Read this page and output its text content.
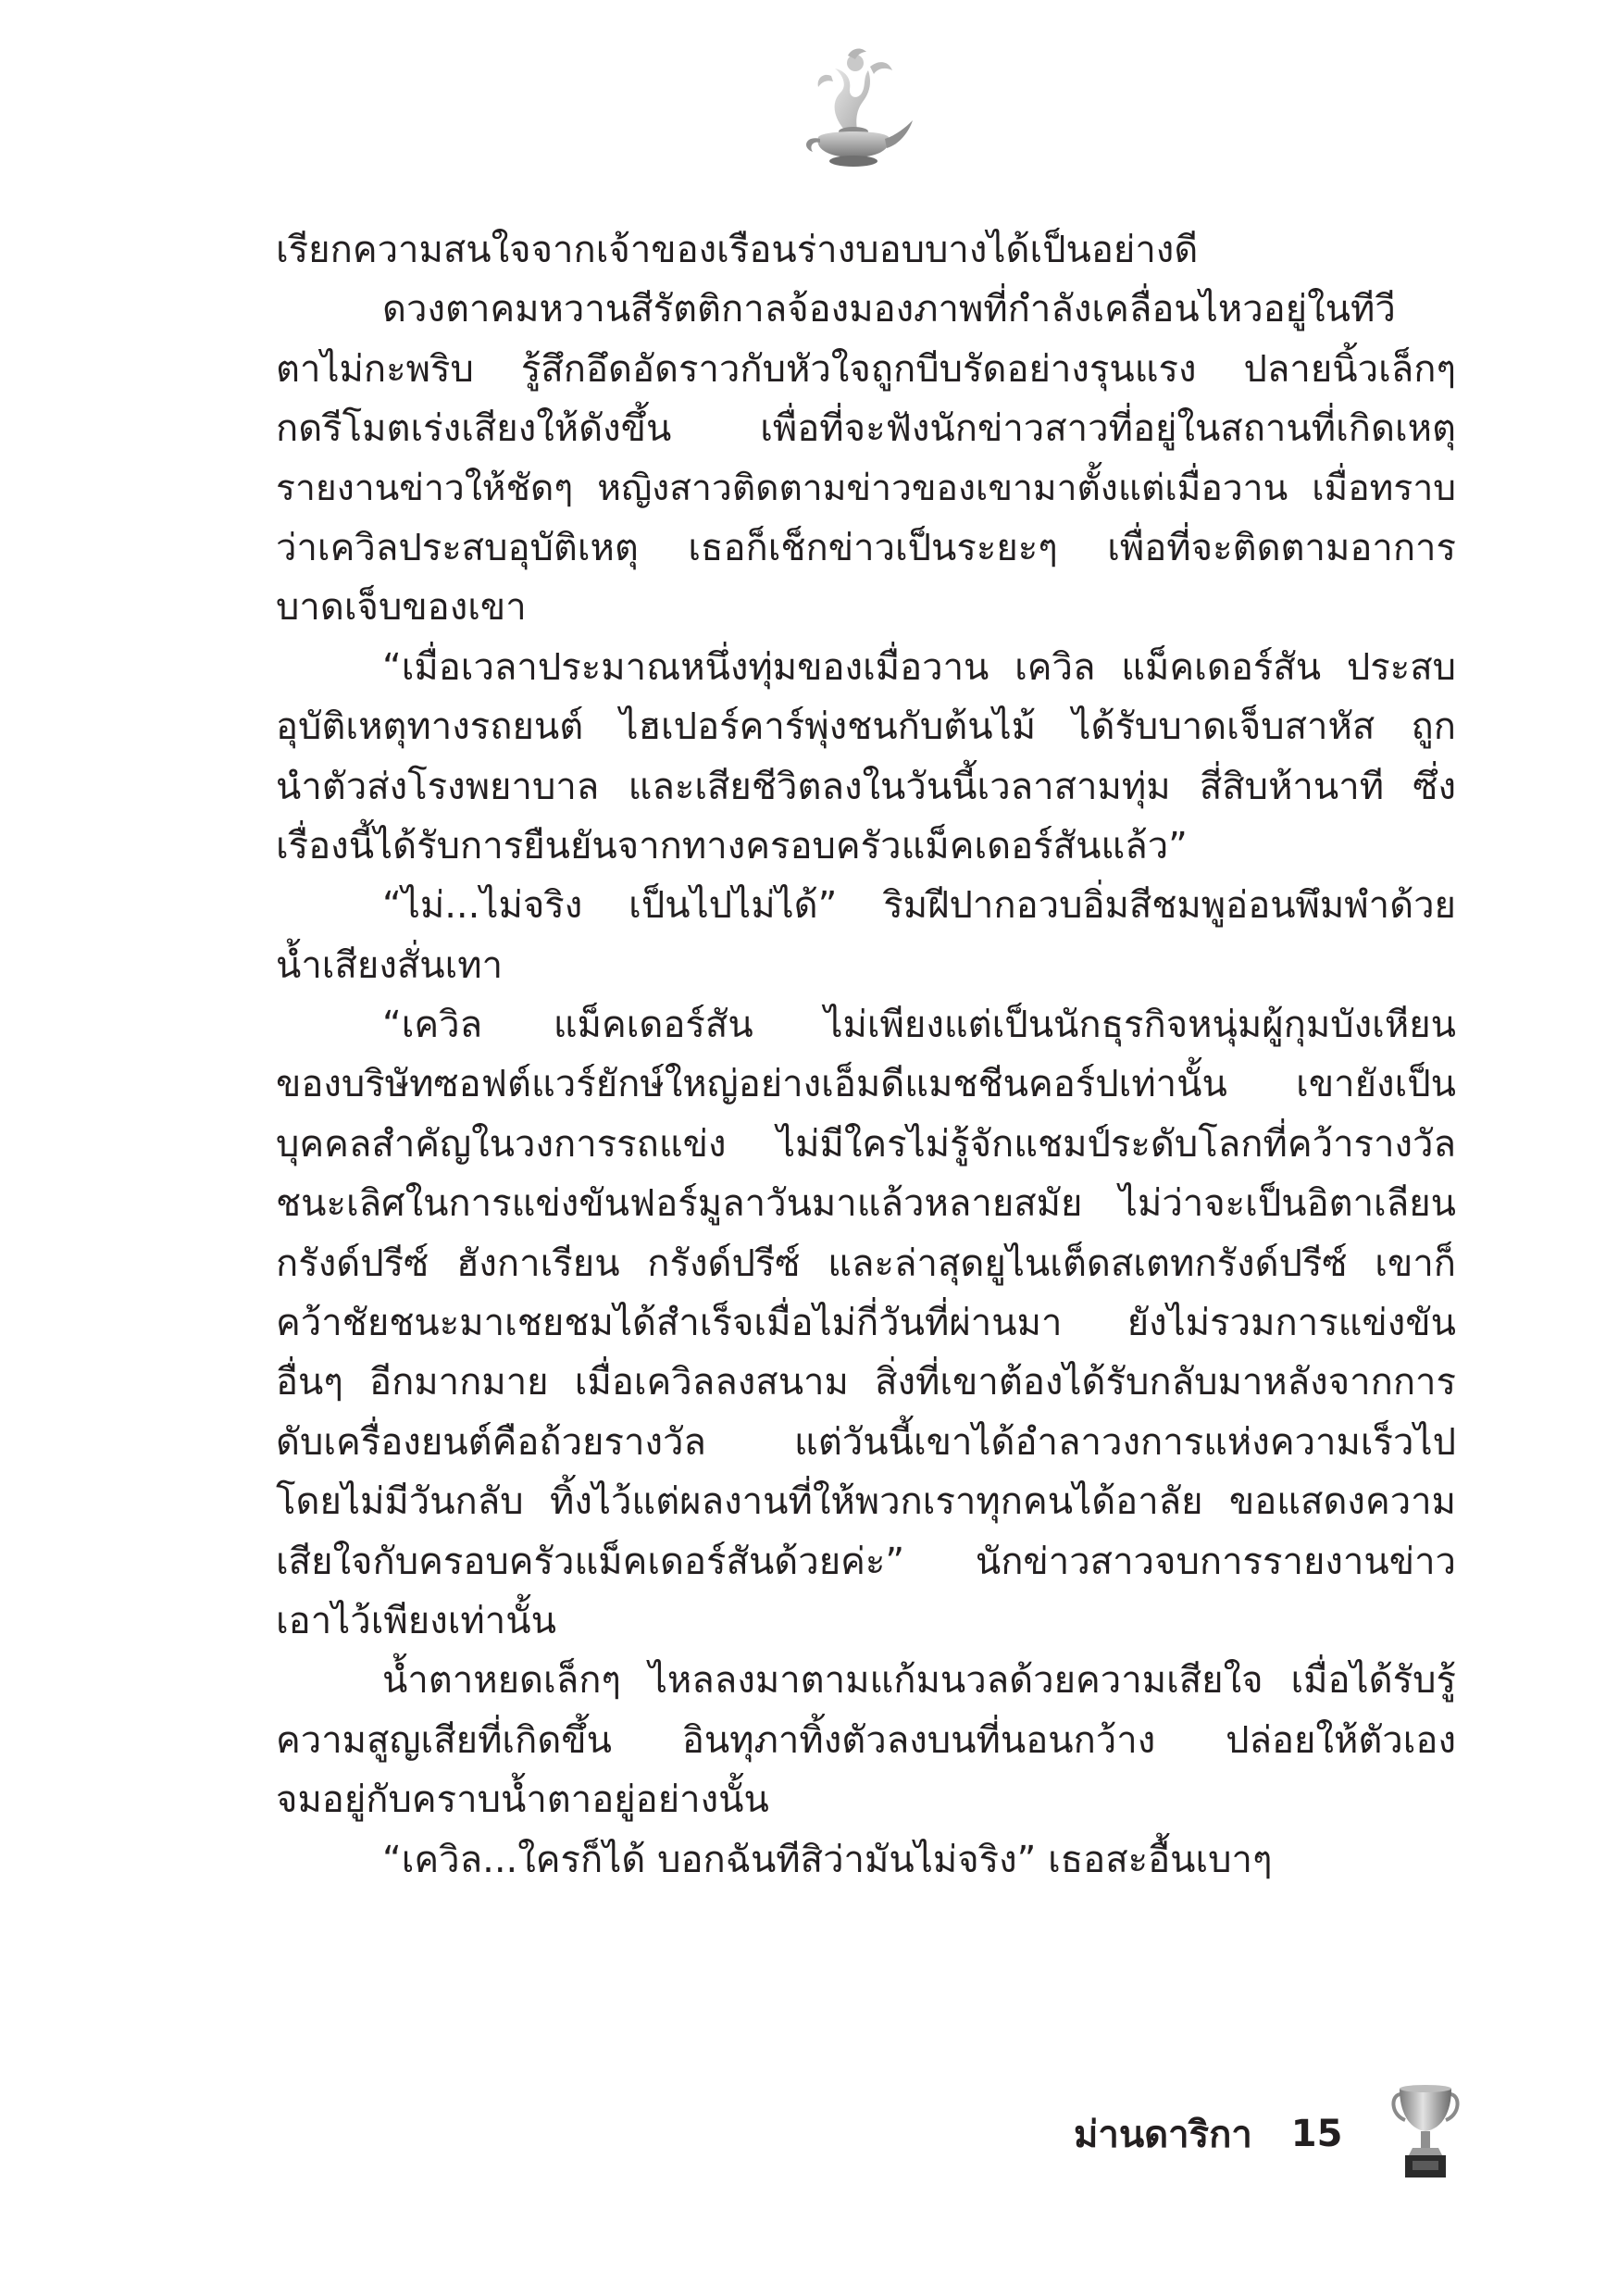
เรียกความสนใจจากเจ้าของเรือนร่างบอบบางได้เป็นอย่างดี
ดวงตาคมหวานสีรัตติกาลจ้องมองภาพที่กำลังเคลื่อนไหวอยู่ในทีวี
ตาไม่กะพริบ รู้สึกอึดอัดราวกับหัวใจถูกบีบรัดอย่างรุนแรง ปลายนิ้วเล็กๆ
กดรีโมตเร่งเสียงให้ดังขึ้น เพื่อที่จะฟังนักข่าวสาวที่อยู่ในสถานที่เกิดเหตุ
รายงานข่าวให้ชัดๆ หญิงสาวติดตามข่าวของเขามาตั้งแต่เมื่อวาน เมื่อทราบ
ว่าเควิลประสบอุบัติเหตุ เธอก็เช็กข่าวเป็นระยะๆ เพื่อที่จะติดตามอาการ
บาดเจ็บของเขา
“เมื่อเวลาประมาณหนึ่งทุ่มของเมื่อวาน เควิล แม็คเดอร์สัน ประสบ
อุบัติเหตุทางรถยนต์ ไฮเปอร์คาร์พุ่งชนกับต้นไม้ ได้รับบาดเจ็บสาหัส ถูก
นำตัวส่งโรงพยาบาล และเสียชีวิตลงในวันนี้เวลาสามทุ่ม สี่สิบห้านาที ซึ่ง
เรื่องนี้ได้รับการยืนยันจากทางครอบครัวแม็คเดอร์สันแล้ว”
“ไม่...ไม่จริง เป็นไปไม่ได้” ริมฝีปากอวบอิ่มสีชมพูอ่อนพึมพำด้วย
น้ำเสียงสั่นเทา
“เควิล แม็คเดอร์สัน ไม่เพียงแต่เป็นนักธุรกิจหนุ่มผู้กุมบังเหียน
ของบริษัทซอฟต์แวร์ยักษ์ใหญ่อย่างเอ็มดีแมชชีนคอร์ปเท่านั้น เขายังเป็น
บุคคลสำคัญในวงการรถแข่ง ไม่มีใครไม่รู้จักแชมป์ระดับโลกที่คว้ารางวัล
ชนะเลิศในการแข่งขันฟอร์มูลาวันมาแล้วหลายสมัย ไม่ว่าจะเป็นอิตาเลียน
กรังด์ปรีซ์ ฮังกาเรียน กรังด์ปรีซ์ และล่าสุดยูไนเต็ดสเตทกรังด์ปรีซ์ เขาก็
คว้าชัยชนะมาเชยชมได้สำเร็จเมื่อไม่กี่วันที่ผ่านมา ยังไม่รวมการแข่งขัน
อื่นๆ อีกมากมาย เมื่อเควิลลงสนาม สิ่งที่เขาต้องได้รับกลับมาหลังจากการ
ดับเครื่องยนต์คือถ้วยรางวัล แต่วันนี้เขาได้อำลาวงการแห่งความเร็วไป
โดยไม่มีวันกลับ ทิ้งไว้แต่ผลงานที่ให้พวกเราทุกคนได้อาลัย ขอแสดงความ
เสียใจกับครอบครัวแม็คเดอร์สันด้วยค่ะ” นักข่าวสาวจบการรายงานข่าว
เอาไว้เพียงเท่านั้น
น้ำตาหยดเล็กๆ ไหลลงมาตามแก้มนวลด้วยความเสียใจ เมื่อได้รับรู้
ความสูญเสียที่เกิดขึ้น อินทุภาทิ้งตัวลงบนที่นอนกว้าง ปล่อยให้ตัวเอง
จมอยู่กับคราบน้ำตาอยู่อย่างนั้น
“เควิล...ใครก็ได้ บอกฉันทีสิว่ามันไม่จริง” เธอสะอื้นเบาๆ
ม่านดาริกา 15
